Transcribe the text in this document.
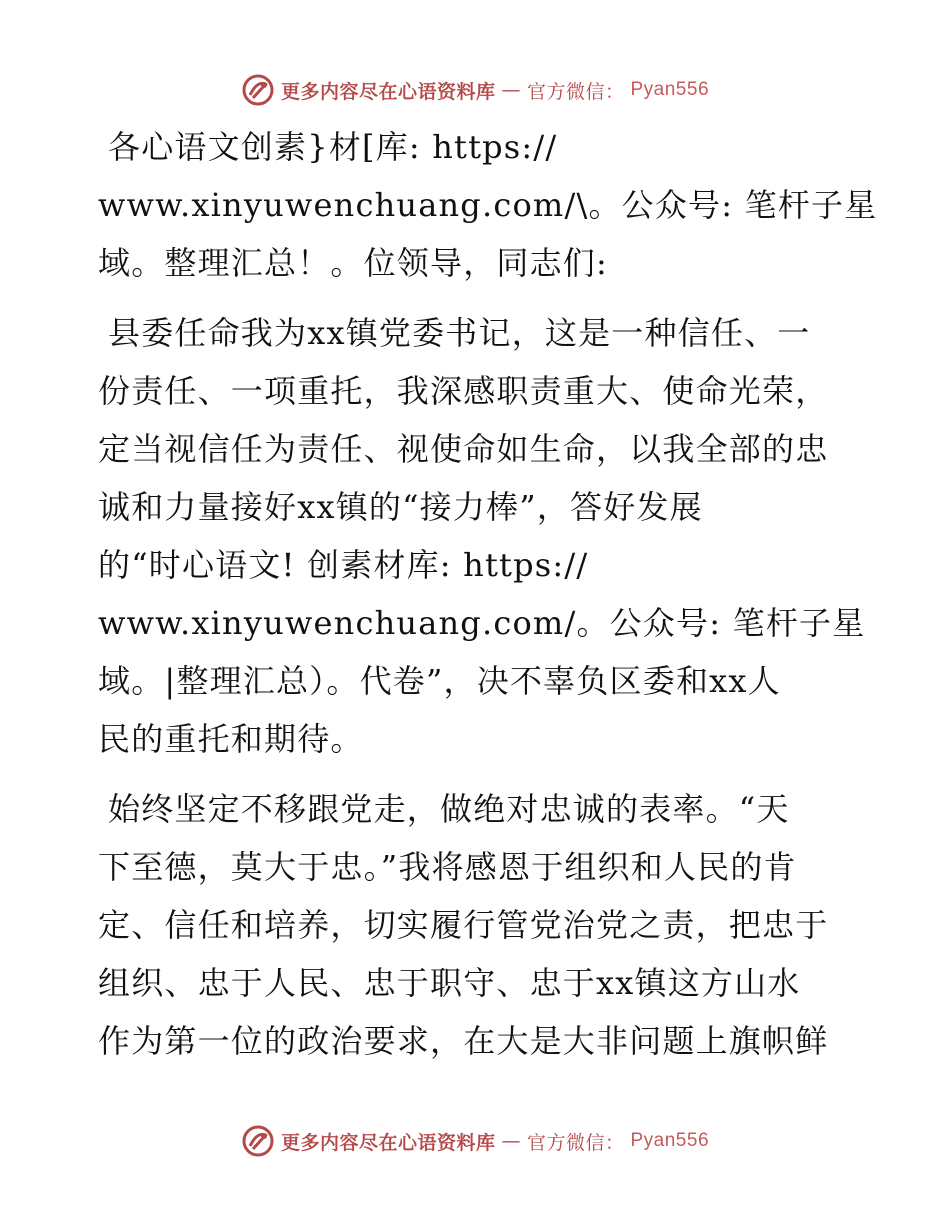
更多内容尽在心语资料库 — 官方微信： Pyan556

各心语文创素}材[库: https://
www.xinyuwenchuang.com/\。公众号: 笔杆子星
域。整理汇总！。位领导，同志们:

县委任命我为xx镇党委书记，这是一种信任、一
份责任、一项重托，我深感职责重大、使命光荣，
定当视信任为责任、视使命如生命，以我全部的忠
诚和力量接好xx镇的“接力棒”，答好发展
的“时心语文! 创素材库: https://
www.xinyuwenchuang.com/。公众号: 笔杆子星
域。|整理汇总）。代卷”，决不辜负区委和xx人
民的重托和期待。

始终坚定不移跟党走，做绝对忠诚的表率。“天
下至德，莫大于忠。”我将感恩于组织和人民的肯
定、信任和培养，切实履行管党治党之责，把忠于
组织、忠于人民、忠于职守、忠于xx镇这方山水
作为第一位的政治要求，在大是大非问题上旗帜鲜

更多内容尽在心语资料库 — 官方微信： Pyan556
